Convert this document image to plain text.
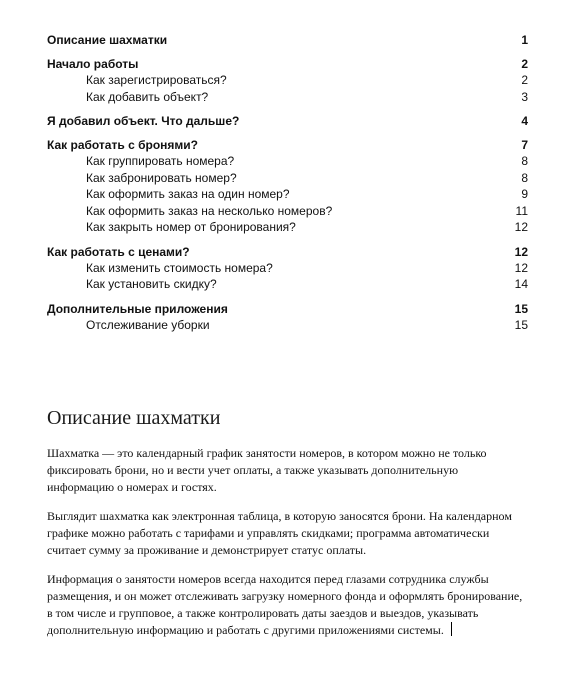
Описание шахматки	1
Начало работы	2
Как зарегистрироваться?	2
Как добавить объект?	3
Я добавил объект. Что дальше?	4
Как работать с бронями?	7
Как группировать номера?	8
Как забронировать номер?	8
Как оформить заказ на один номер?	9
Как оформить заказ на несколько номеров?	11
Как закрыть номер от бронирования?	12
Как работать с ценами?	12
Как изменить стоимость номера?	12
Как установить скидку?	14
Дополнительные приложения	15
Отслеживание уборки	15
Описание шахматки

Шахматка — это календарный график занятости номеров, в котором можно не только фиксировать брони, но и вести учет оплаты, а также указывать дополнительную информацию о номерах и гостях.

Выглядит шахматка как электронная таблица, в которую заносятся брони. На календарном графике можно работать с тарифами и управлять скидками; программа автоматически считает сумму за проживание и демонстрирует статус оплаты.

Информация о занятости номеров всегда находится перед глазами сотрудника службы размещения, и он может отслеживать загрузку номерного фонда и оформлять бронирование, в том числе и групповое, а также контролировать даты заездов и выездов, указывать дополнительную информацию и работать с другими приложениями системы.
